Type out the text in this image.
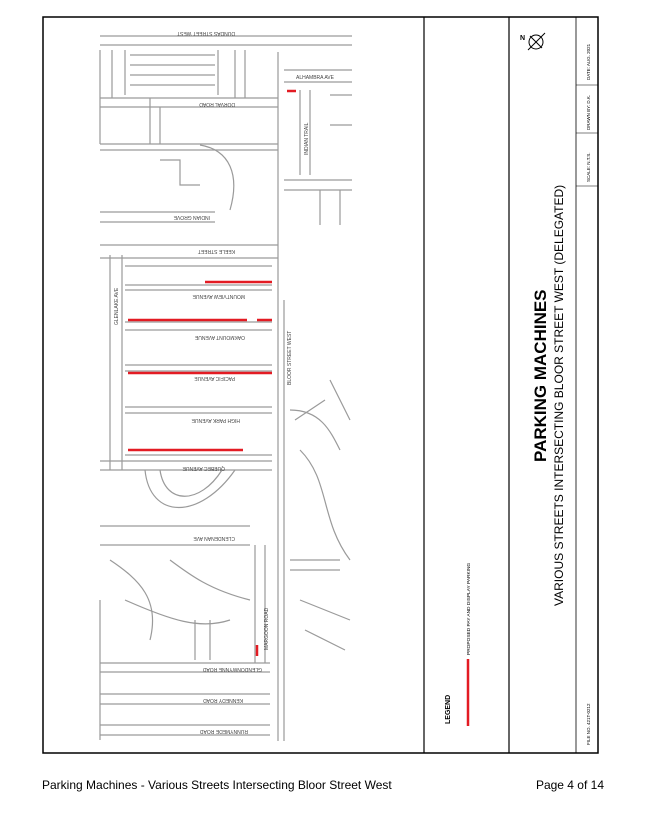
DATE: AUG. 2021
DRAWN BY: D.K.
SCALE: N.T.S.
FILE NO. 421T-0212
N
PARKING MACHINES VARIOUS STREETS INTERSECTING BLOOR STREET WEST (DELEGATED)
LEGEND
PROPOSED PAY AND DISPLAY PARKING
DUNDAS STREET WEST
ALHAMBRA AVE
DORVAL ROAD
INDIAN TRAIL
INDIAN GROVE
KEELE STREET
GLENLAKE AVE	MOUNTVIEW AVENUE
OAKMOUNT AVENUE
PACIFIC AVENUE	BLOOR STREET WEST
HIGH PARK AVENUE
QUEBEC AVENUE
CLENDENAN AVE
MARGOON ROAD
GLENDONWYNNE ROAD
KENNEDY ROAD
RUNNYMEDE ROAD
Parking Machines - Various Streets Intersecting Bloor Street West	Page 4 of 14
